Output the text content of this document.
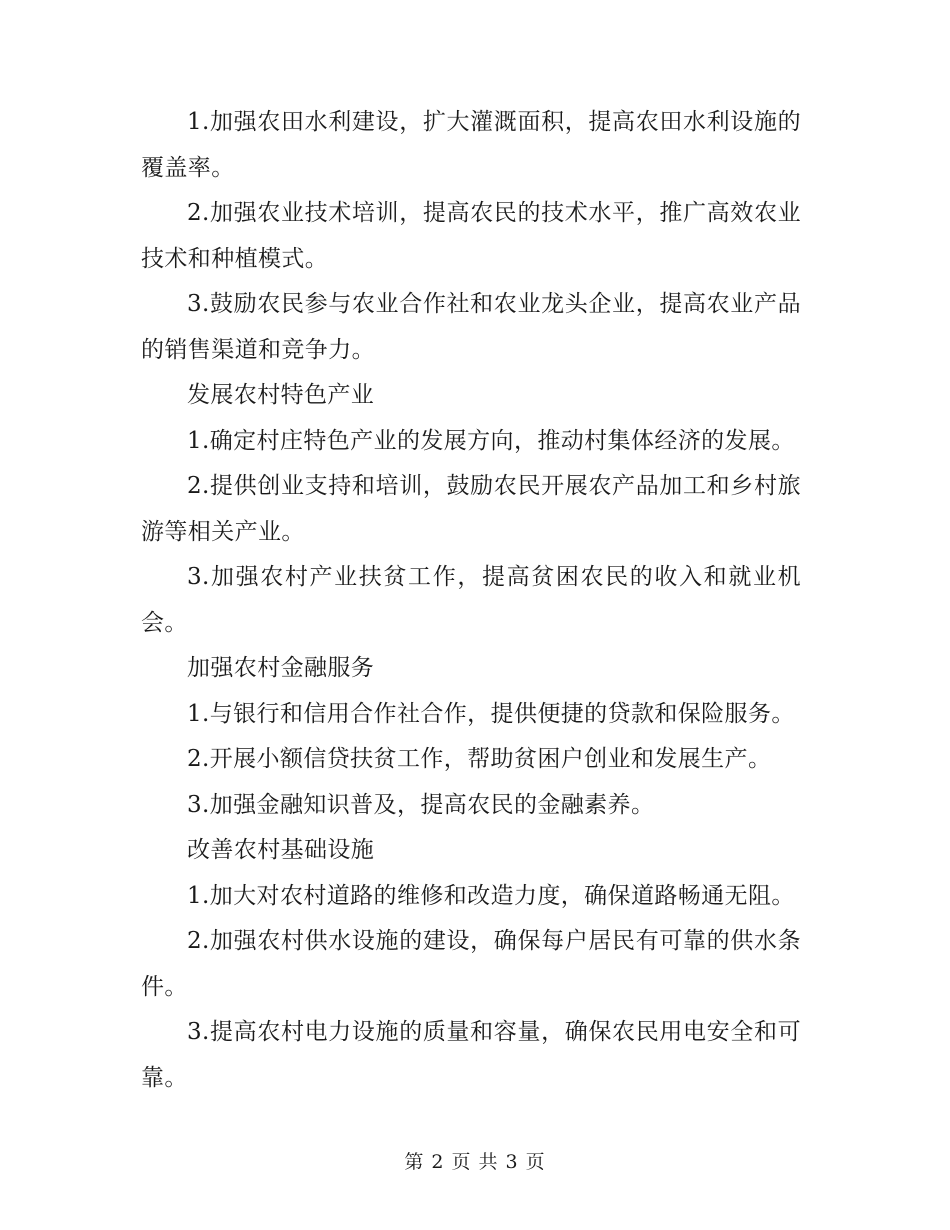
1.加强农田水利建设，扩大灌溉面积，提高农田水利设施的覆盖率。

2.加强农业技术培训，提高农民的技术水平，推广高效农业技术和种植模式。

3.鼓励农民参与农业合作社和农业龙头企业，提高农业产品的销售渠道和竞争力。

发展农村特色产业

1.确定村庄特色产业的发展方向，推动村集体经济的发展。

2.提供创业支持和培训，鼓励农民开展农产品加工和乡村旅游等相关产业。

3.加强农村产业扶贫工作，提高贫困农民的收入和就业机会。

加强农村金融服务

1.与银行和信用合作社合作，提供便捷的贷款和保险服务。

2.开展小额信贷扶贫工作，帮助贫困户创业和发展生产。

3.加强金融知识普及，提高农民的金融素养。

改善农村基础设施

1.加大对农村道路的维修和改造力度，确保道路畅通无阻。

2.加强农村供水设施的建设，确保每户居民有可靠的供水条件。

3.提高农村电力设施的质量和容量，确保农民用电安全和可靠。

第 2 页 共 3 页
